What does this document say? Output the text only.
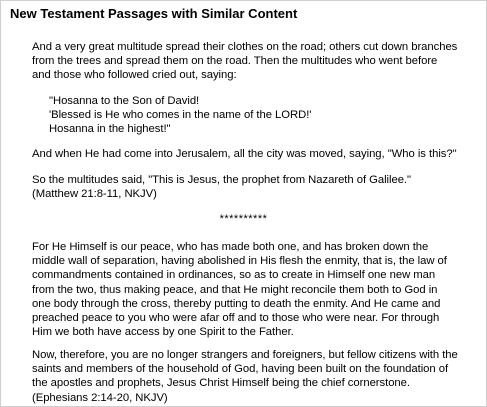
New Testament Passages with Similar Content
And a very great multitude spread their clothes on the road; others cut down branches
from the trees and spread them on the road. Then the multitudes who went before
and those who followed cried out, saying:
"Hosanna to the Son of David!
'Blessed is He who comes in the name of the LORD!'
Hosanna in the highest!"
And when He had come into Jerusalem, all the city was moved, saying, "Who is this?"
So the multitudes said, "This is Jesus, the prophet from Nazareth of Galilee."
(Matthew 21:8-11, NKJV)
**********
For He Himself is our peace, who has made both one, and has broken down the
middle wall of separation, having abolished in His flesh the enmity, that is, the law of
commandments contained in ordinances, so as to create in Himself one new man
from the two, thus making peace, and that He might reconcile them both to God in
one body through the cross, thereby putting to death the enmity. And He came and
preached peace to you who were afar off and to those who were near. For through
Him we both have access by one Spirit to the Father.
Now, therefore, you are no longer strangers and foreigners, but fellow citizens with the
saints and members of the household of God, having been built on the foundation of
the apostles and prophets, Jesus Christ Himself being the chief cornerstone.
(Ephesians 2:14-20, NKJV)
